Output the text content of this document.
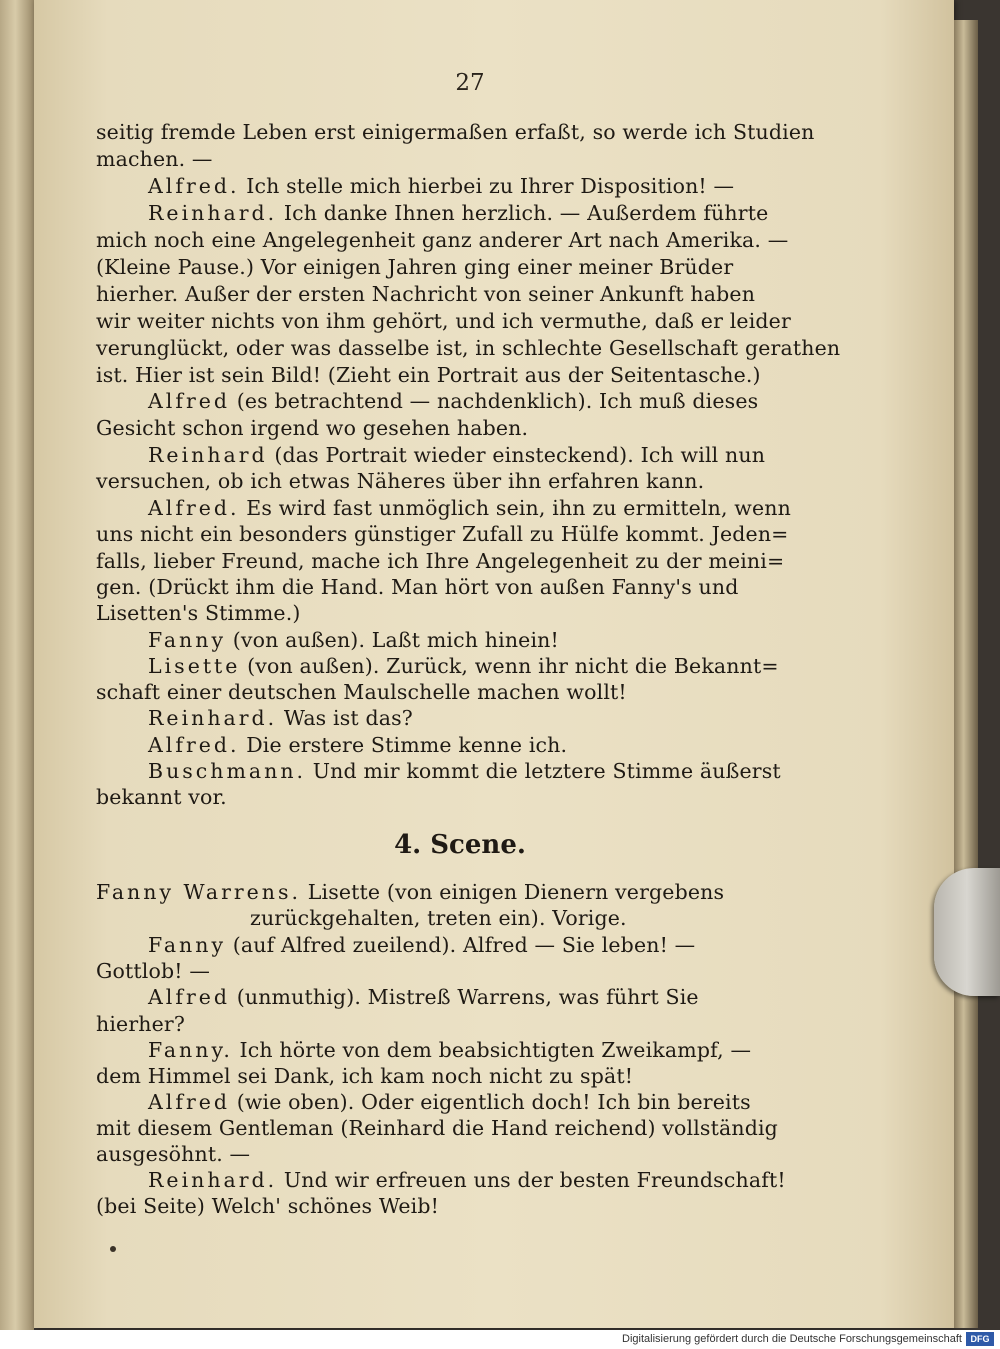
27
seitig fremde Leben erst einigermaßen erfaßt, so werde ich Studien
machen. —
Alfred. Ich stelle mich hierbei zu Ihrer Disposition! —
Reinhard. Ich danke Ihnen herzlich. — Außerdem führte
mich noch eine Angelegenheit ganz anderer Art nach Amerika. —
(Kleine Pause.) Vor einigen Jahren ging einer meiner Brüder
hierher. Außer der ersten Nachricht von seiner Ankunft haben
wir weiter nichts von ihm gehört, und ich vermuthe, daß er leider
verunglückt, oder was dasselbe ist, in schlechte Gesellschaft gerathen
ist. Hier ist sein Bild! (Zieht ein Portrait aus der Seitentasche.)
Alfred (es betrachtend — nachdenklich). Ich muß dieses
Gesicht schon irgend wo gesehen haben.
Reinhard (das Portrait wieder einsteckend). Ich will nun
versuchen, ob ich etwas Näheres über ihn erfahren kann.
Alfred. Es wird fast unmöglich sein, ihn zu ermitteln, wenn
uns nicht ein besonders günstiger Zufall zu Hülfe kommt. Jeden=
falls, lieber Freund, mache ich Ihre Angelegenheit zu der meini=
gen. (Drückt ihm die Hand. Man hört von außen Fanny's und
Lisetten's Stimme.)
Fanny (von außen). Laßt mich hinein!
Lisette (von außen). Zurück, wenn ihr nicht die Bekannt=
schaft einer deutschen Maulschelle machen wollt!
Reinhard. Was ist das?
Alfred. Die erstere Stimme kenne ich.
Buschmann. Und mir kommt die letztere Stimme äußerst
bekannt vor.
4. Scene.
Fanny Warrens. Lisette (von einigen Dienern vergebens
zurückgehalten, treten ein). Vorige.
Fanny (auf Alfred zueilend). Alfred — Sie leben! —
Gottlob! —
Alfred (unmuthig). Mistreß Warrens, was führt Sie
hierher?
Fanny. Ich hörte von dem beabsichtigten Zweikampf, —
dem Himmel sei Dank, ich kam noch nicht zu spät!
Alfred (wie oben). Oder eigentlich doch! Ich bin bereits
mit diesem Gentleman (Reinhard die Hand reichend) vollständig
ausgesöhnt. —
Reinhard. Und wir erfreuen uns der besten Freundschaft!
(bei Seite) Welch' schönes Weib!
Digitalisierung gefördert durch die Deutsche Forschungsgemeinschaft DFG
